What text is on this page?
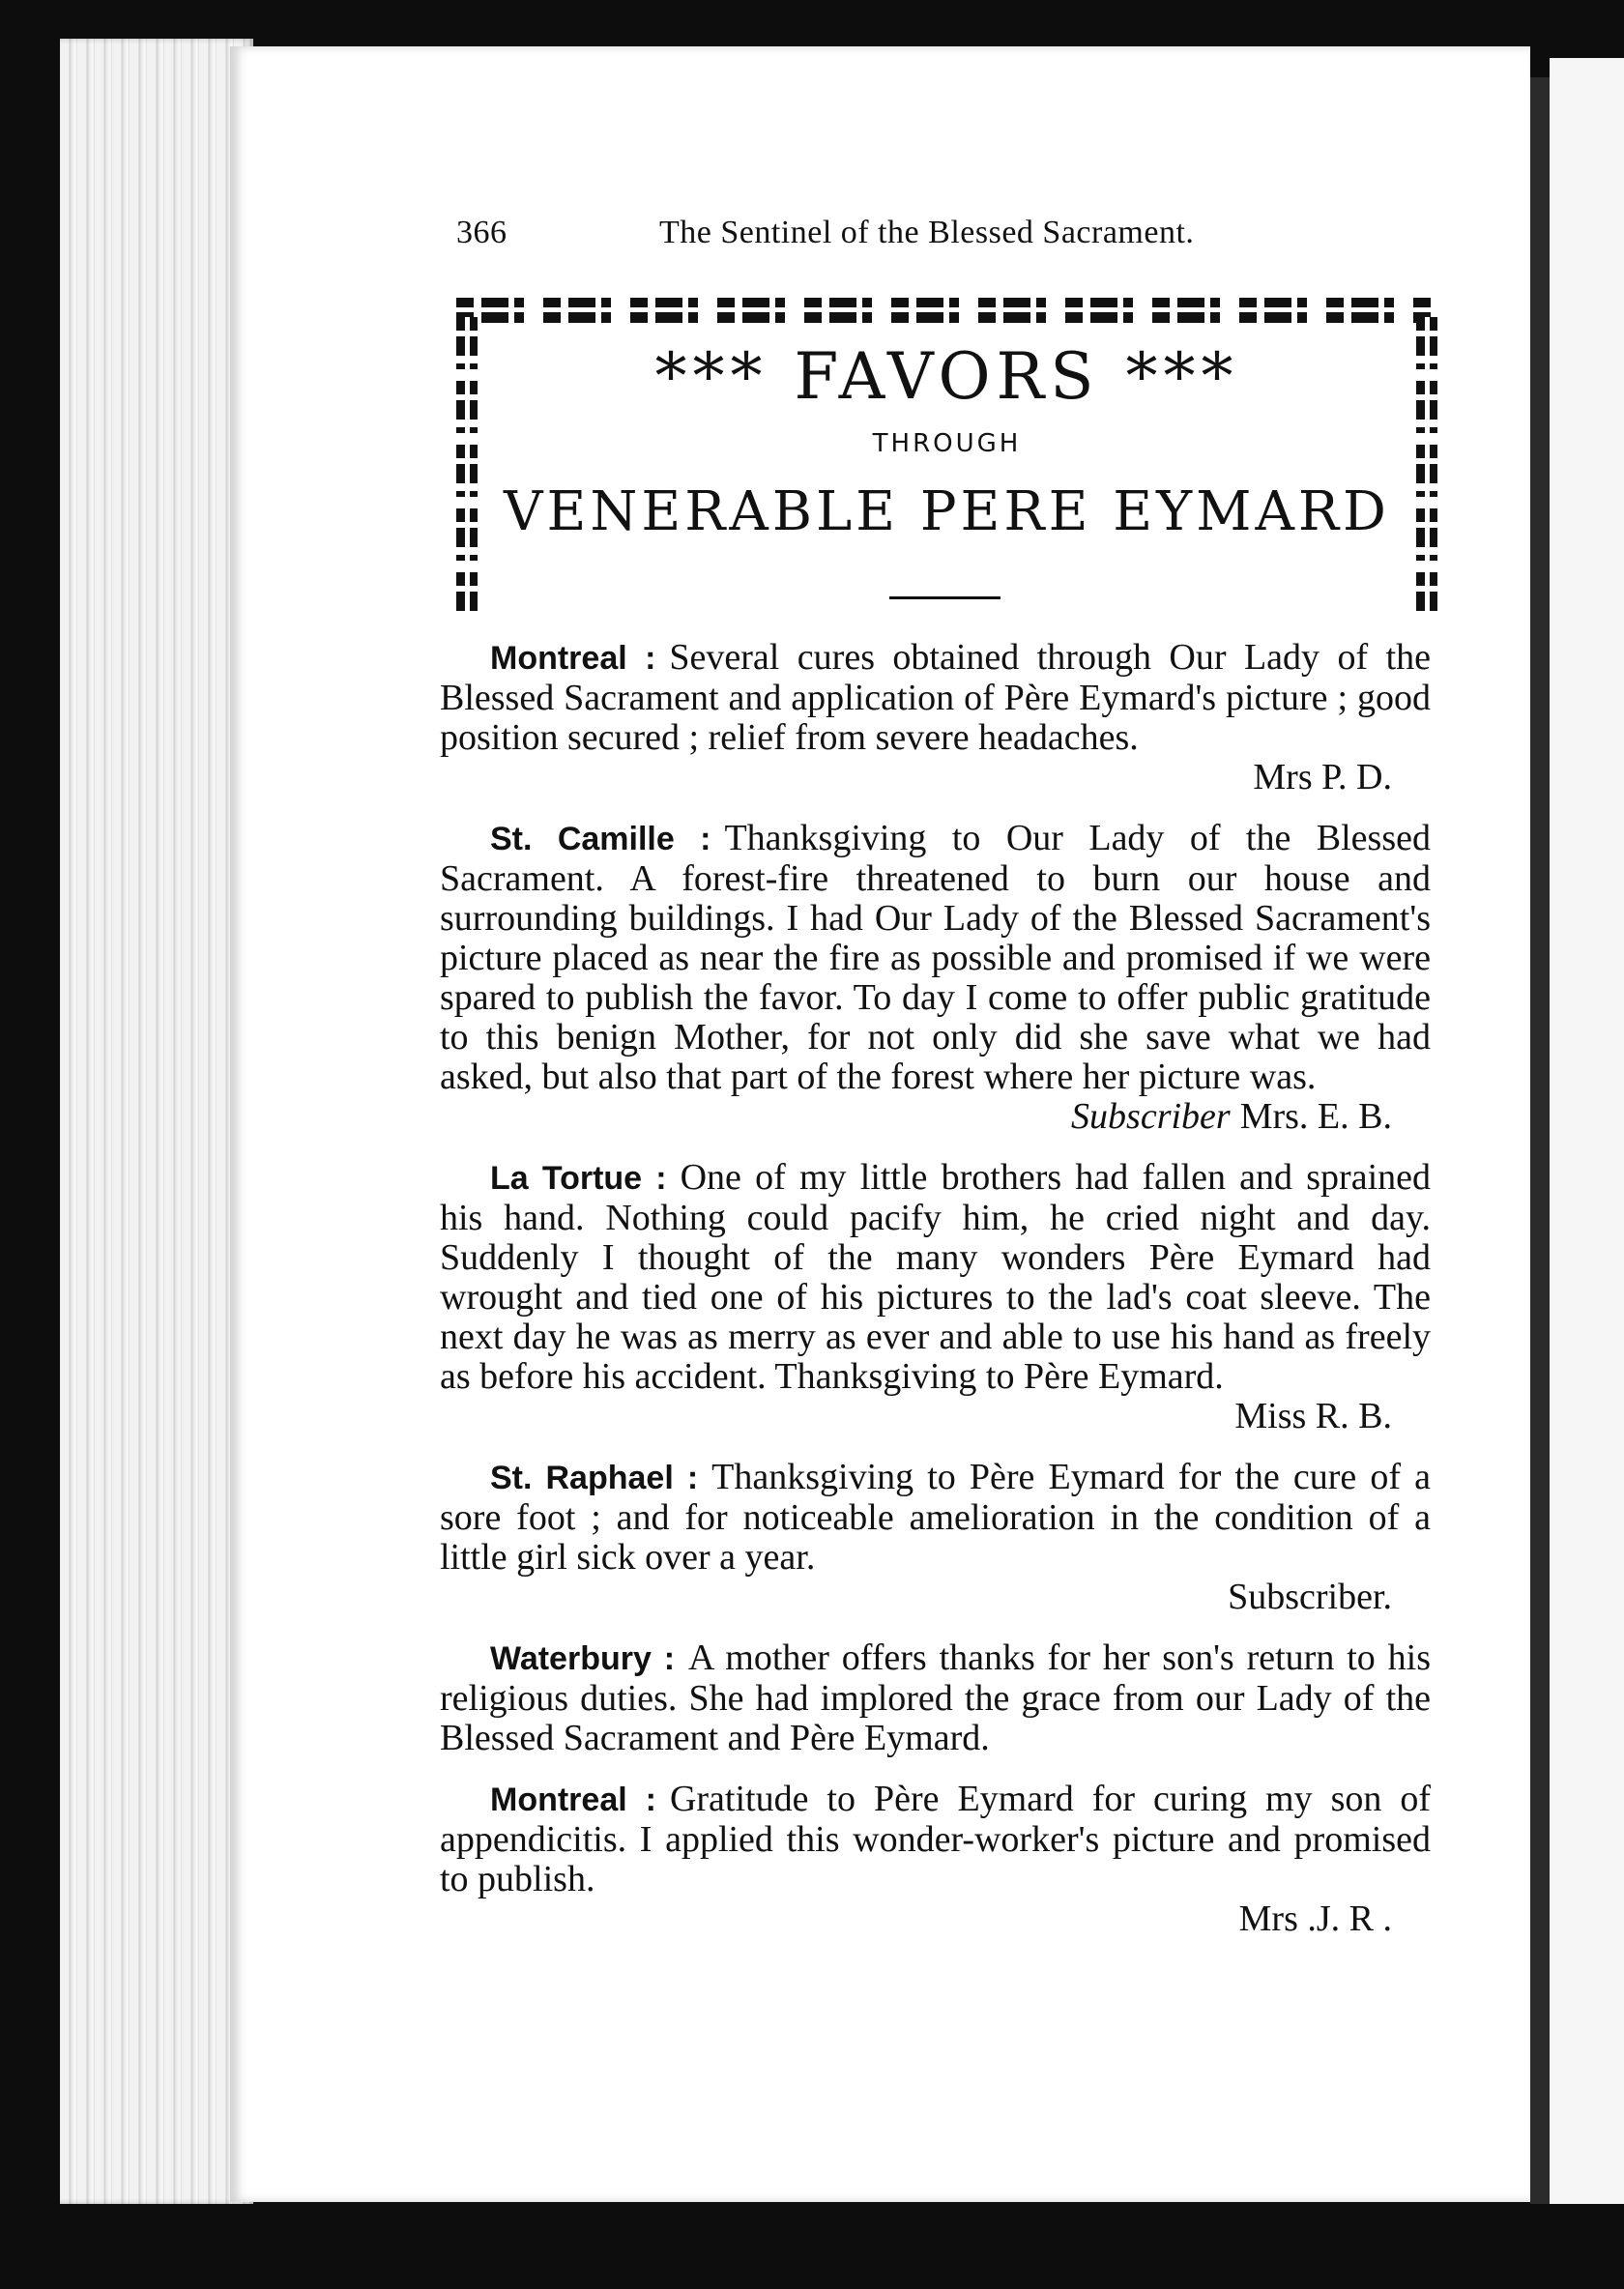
366	The Sentinel of the Blessed Sacrament.
*** FAVORS ***
THROUGH
VENERABLE PERE EYMARD
Montreal : Several cures obtained through Our Lady of the Blessed Sacrament and application of Père Eymard's picture ; good position secured ; relief from severe headaches.
Mrs P. D.
St. Camille : Thanksgiving to Our Lady of the Blessed Sacrament. A forest-fire threatened to burn our house and surrounding buildings. I had Our Lady of the Blessed Sacrament's picture placed as near the fire as possible and promised if we were spared to publish the favor. To day I come to offer public gratitude to this benign Mother, for not only did she save what we had asked, but also that part of the forest where her picture was.
Subscriber Mrs. E. B.
La Tortue : One of my little brothers had fallen and sprained his hand. Nothing could pacify him, he cried night and day. Suddenly I thought of the many wonders Père Eymard had wrought and tied one of his pictures to the lad's coat sleeve. The next day he was as merry as ever and able to use his hand as freely as before his accident. Thanksgiving to Père Eymard.
Miss R. B.
St. Raphael : Thanksgiving to Père Eymard for the cure of a sore foot ; and for noticeable amelioration in the condition of a little girl sick over a year.
Subscriber.
Waterbury : A mother offers thanks for her son's return to his religious duties. She had implored the grace from our Lady of the Blessed Sacrament and Père Eymard.
Montreal : Gratitude to Père Eymard for curing my son of appendicitis. I applied this wonder-worker's picture and promised to publish.
Mrs .J. R .
